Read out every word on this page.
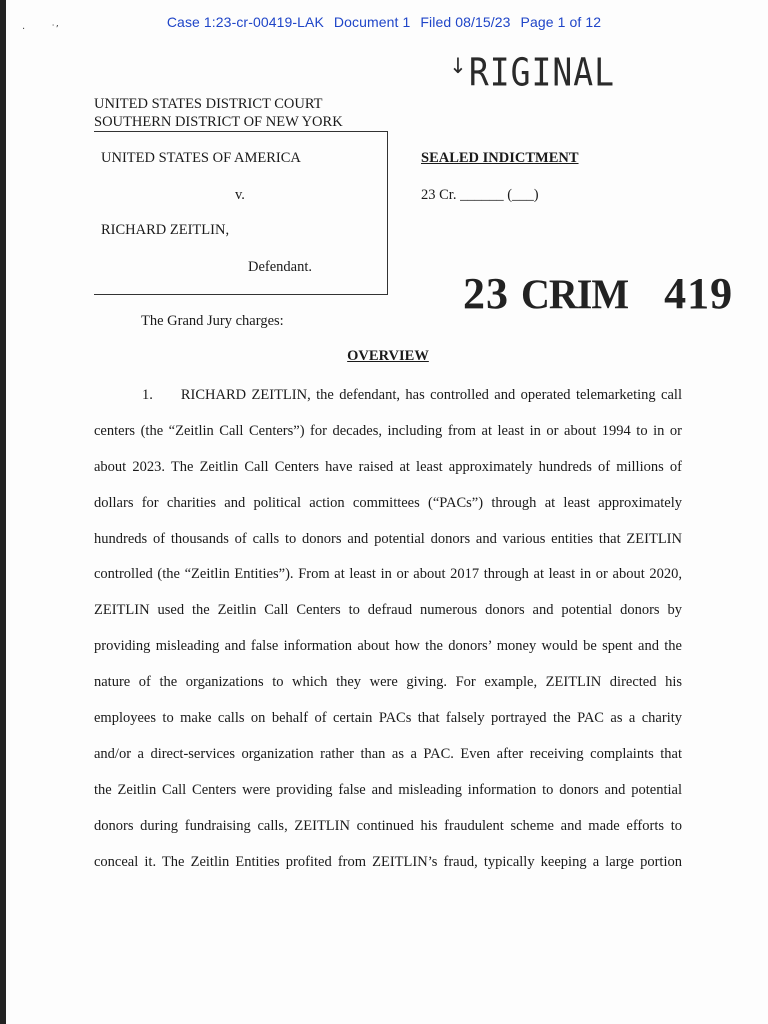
·        ˙’	Case 1:23-cr-00419-LAK Document 1 Filed 08/15/23 Page 1 of 12
ꜜRIGINAL
UNITED STATES DISTRICT COURT
SOUTHERN DISTRICT OF NEW YORK
UNITED STATES OF AMERICA
v.
RICHARD ZEITLIN,
Defendant.
SEALED INDICTMENT
23 Cr. ______ (___)
23 CRIM 419
The Grand Jury charges:
OVERVIEW
1. RICHARD ZEITLIN, the defendant, has controlled and operated telemarketing call
centers (the “Zeitlin Call Centers”) for decades, including from at least in or about 1994 to in or
about 2023. The Zeitlin Call Centers have raised at least approximately hundreds of millions of
dollars for charities and political action committees (“PACs”) through at least approximately
hundreds of thousands of calls to donors and potential donors and various entities that ZEITLIN
controlled (the “Zeitlin Entities”). From at least in or about 2017 through at least in or about 2020,
ZEITLIN used the Zeitlin Call Centers to defraud numerous donors and potential donors by
providing misleading and false information about how the donors’ money would be spent and the
nature of the organizations to which they were giving. For example, ZEITLIN directed his
employees to make calls on behalf of certain PACs that falsely portrayed the PAC as a charity
and/or a direct-services organization rather than as a PAC. Even after receiving complaints that
the Zeitlin Call Centers were providing false and misleading information to donors and potential
donors during fundraising calls, ZEITLIN continued his fraudulent scheme and made efforts to
conceal it. The Zeitlin Entities profited from ZEITLIN’s fraud, typically keeping a large portion
